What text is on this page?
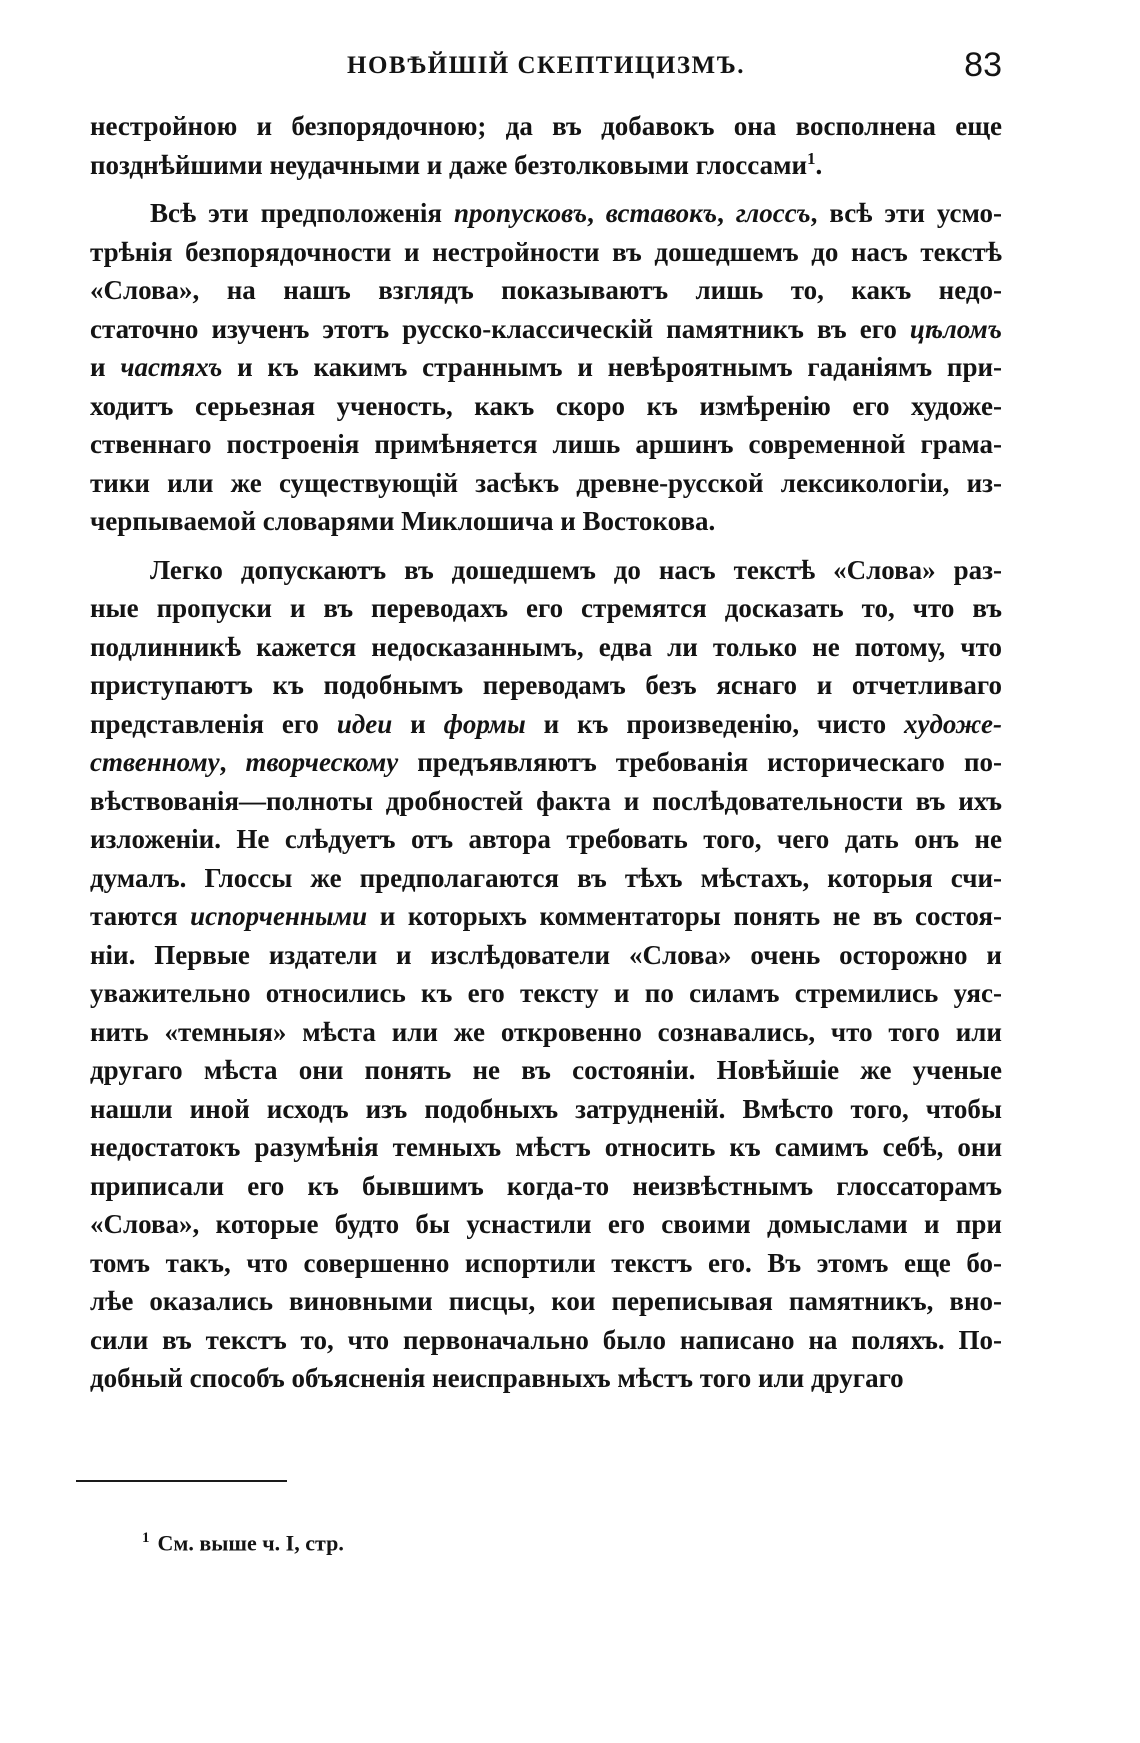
НОВѢЙШІЙ СКЕПТИЦИЗМЪ.	83
нестройною и безпорядочною; да въ добавокъ она восполнена еще
позднѣйшими неудачными и даже безтолковыми глоссами$^1$.
Всѣ эти предположенія пропусковъ, вставокъ, глоссъ, всѣ эти усмо-
трѣнія безпорядочности и нестройности въ дошедшемъ до насъ текстѣ
«Слова», на нашъ взглядъ показываютъ лишь то, какъ недо-
статочно изученъ этотъ русско-классическій памятникъ въ его цѣломъ
и частяхъ и къ какимъ страннымъ и невѣроятнымъ гаданіямъ при-
ходитъ серьезная ученость, какъ скоро къ измѣренію его художе-
ственнаго построенія примѣняется лишь аршинъ современной грама-
тики или же существующій засѣкъ древне-русской лексикологіи, из-
черпываемой словарями Миклошича и Востокова.
Легко допускаютъ въ дошедшемъ до насъ текстѣ «Слова» раз-
ные пропуски и въ переводахъ его стремятся досказать то, что въ
подлинникѣ кажется недосказаннымъ, едва ли только не потому, что
приступаютъ къ подобнымъ переводамъ безъ яснаго и отчетливаго
представленія его идеи и формы и къ произведенію, чисто художе-
ственному, творческому предъявляютъ требованія историческаго по-
вѣствованія—полноты дробностей факта и послѣдовательности въ ихъ
изложеніи. Не слѣдуетъ отъ автора требовать того, чего дать онъ не
думалъ. Глоссы же предполагаются въ тѣхъ мѣстахъ, которыя счи-
таются испорченными и которыхъ комментаторы понять не въ состоя-
ніи. Первые издатели и изслѣдователи «Слова» очень осторожно и
уважительно относились къ его тексту и по силамъ стремились уяс-
нить «темныя» мѣста или же откровенно сознавались, что того или
другаго мѣста они понять не въ состояніи. Новѣйшіе же ученые
нашли иной исходъ изъ подобныхъ затрудненій. Вмѣсто того, чтобы
недостатокъ разумѣнія темныхъ мѣстъ относить къ самимъ себѣ, они
приписали его къ бывшимъ когда-то неизвѣстнымъ глоссаторамъ
«Слова», которые будто бы уснастили его своими домыслами и при
томъ такъ, что совершенно испортили текстъ его. Въ этомъ еще бо-
лѣе оказались виновными писцы, кои переписывая памятникъ, вно-
сили въ текстъ то, что первоначально было написано на поляхъ. По-
добный способъ объясненія неисправныхъ мѣстъ того или другаго
$^1$ См. выше ч. I, стр.
